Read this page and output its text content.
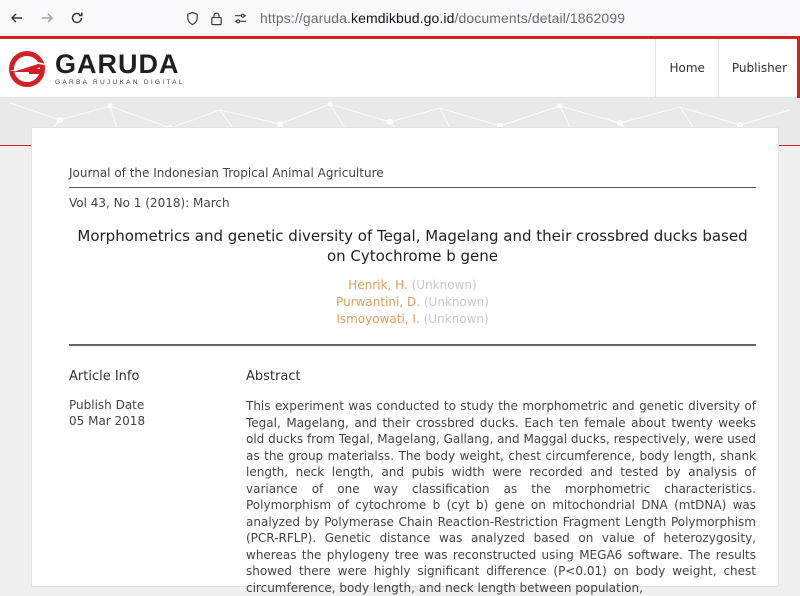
https://garuda.kemdikbud.go.id/documents/detail/1862099
GARUDA
GARBA RUJUKAN DIGITAL
Home	Publisher
Journal of the Indonesian Tropical Animal Agriculture
Vol 43, No 1 (2018): March
Morphometrics and genetic diversity of Tegal, Magelang and their crossbred ducks based on Cytochrome b gene
Henrik, H. (Unknown)
Purwantini, D. (Unknown)
Ismoyowati, I. (Unknown)
Article Info
Publish Date
05 Mar 2018
Abstract
This experiment was conducted to study the morphometric and genetic diversity of Tegal, Magelang, and their crossbred ducks. Each ten female about twenty weeks old ducks from Tegal, Magelang, Gallang, and Maggal ducks, respectively, were used as the group materialss. The body weight, chest circumference, body length, shank length, neck length, and pubis width were recorded and tested by analysis of variance of one way classification as the morphometric characteristics. Polymorphism of cytochrome b (cyt b) gene on mitochondrial DNA (mtDNA) was analyzed by Polymerase Chain Reaction-Restriction Fragment Length Polymorphism (PCR-RFLP). Genetic distance was analyzed based on value of heterozygosity, whereas the phylogeny tree was reconstructed using MEGA6 software. The results showed there were highly significant difference (P<0.01) on body weight, chest circumference, body length, and neck length between population,
